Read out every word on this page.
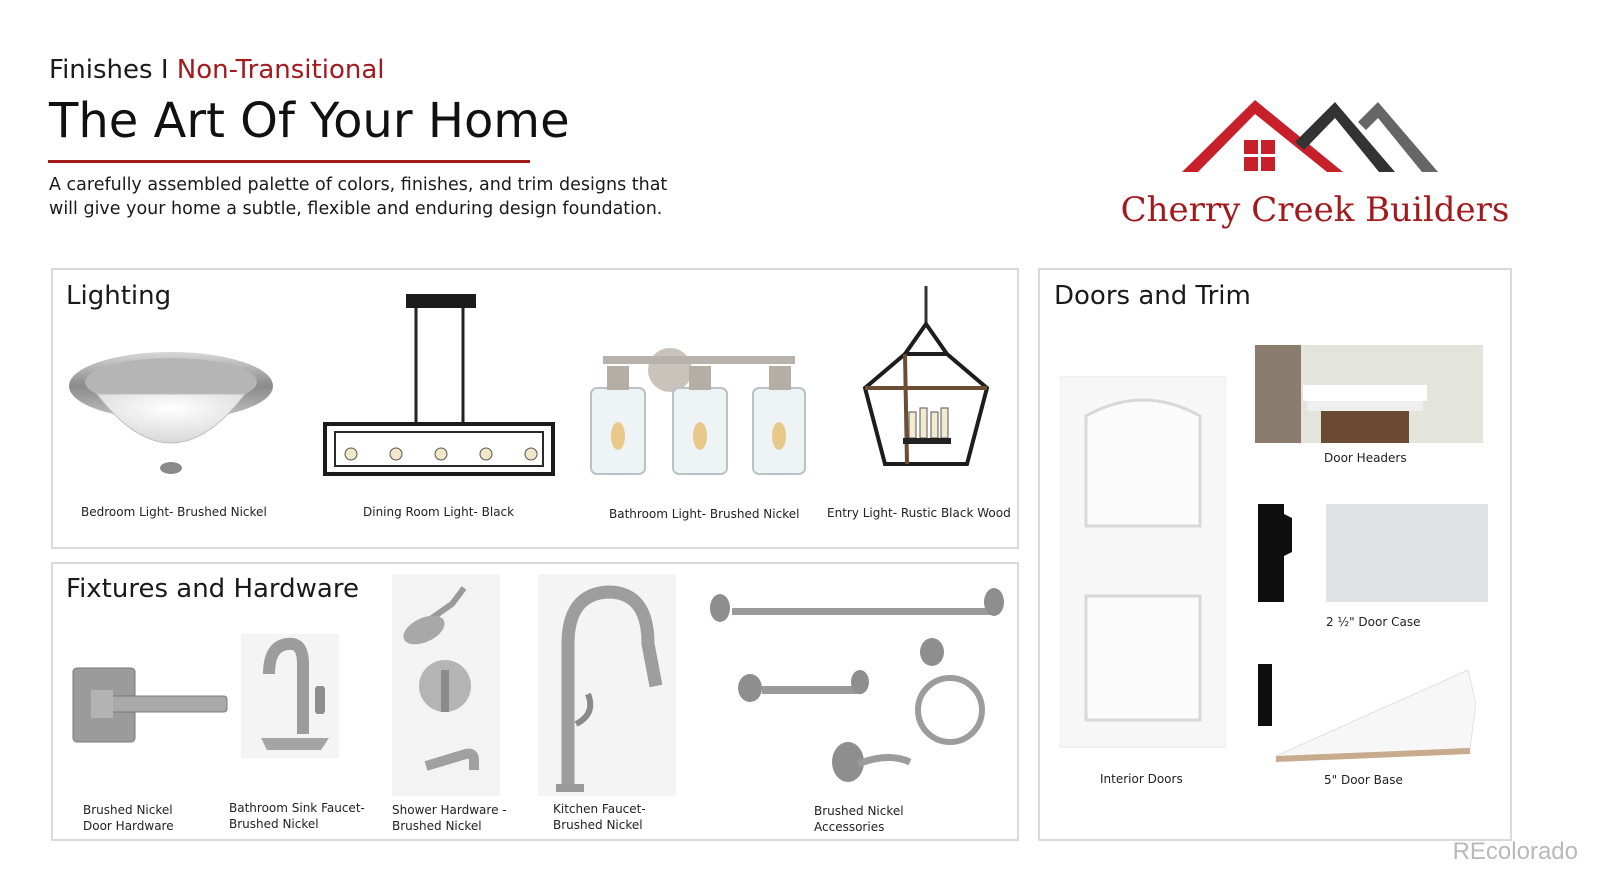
Finishes I Non-Transitional
The Art Of Your Home
A carefully assembled palette of colors, finishes, and trim designs that
will give your home a subtle, flexible and enduring design foundation.	Cherry Creek Builders
Lighting
Bedroom Light- Brushed Nickel	Dining Room Light- Black	Bathroom Light- Brushed Nickel Entry Light- Rustic Black Wood
Fixtures and Hardware
Brushed Nickel
Door Hardware
Bathroom Sink Faucet-
Brushed Nickel
Shower Hardware -
Brushed Nickel
Kitchen Faucet-
Brushed Nickel
Brushed Nickel
Accessories
Doors and Trim
Interior Doors
Door Headers
2 ½" Door Case
5" Door Base
REcolorado
